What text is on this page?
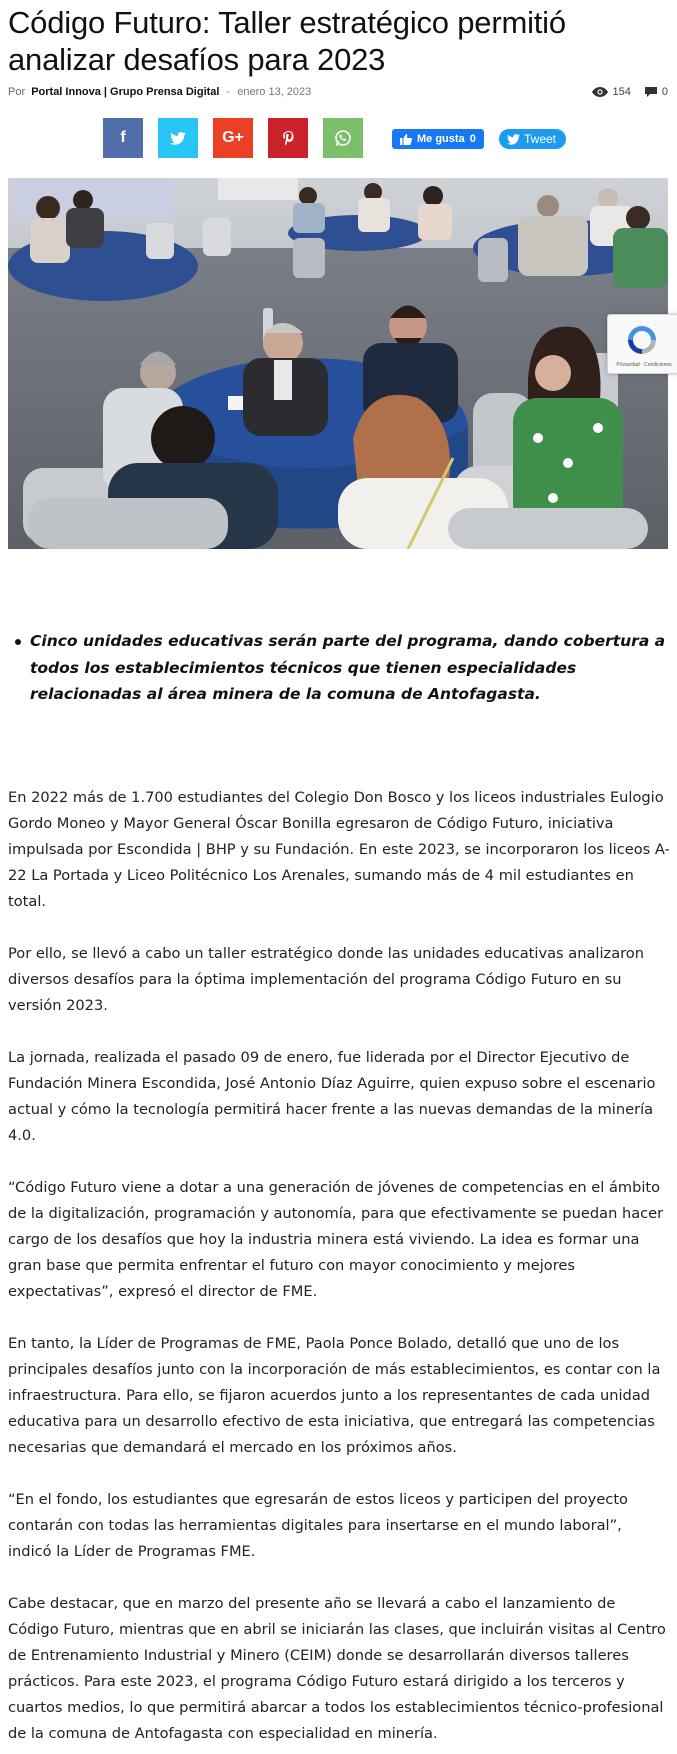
Código Futuro: Taller estratégico permitió analizar desafíos para 2023
Por Portal Innova | Grupo Prensa Digital - enero 13, 2023	154	0
f	G+	Me gusta 0	Tweet
Privacidad - Condiciones
Cinco unidades educativas serán parte del programa, dando cobertura a todos los establecimientos técnicos que tienen especialidades relacionadas al área minera de la comuna de Antofagasta.

En 2022 más de 1.700 estudiantes del Colegio Don Bosco y los liceos industriales Eulogio Gordo Moneo y Mayor General Óscar Bonilla egresaron de Código Futuro, iniciativa impulsada por Escondida | BHP y su Fundación. En este 2023, se incorporaron los liceos A-22 La Portada y Liceo Politécnico Los Arenales, sumando más de 4 mil estudiantes en total.

Por ello, se llevó a cabo un taller estratégico donde las unidades educativas analizaron diversos desafíos para la óptima implementación del programa Código Futuro en su versión 2023.

La jornada, realizada el pasado 09 de enero, fue liderada por el Director Ejecutivo de Fundación Minera Escondida, José Antonio Díaz Aguirre, quien expuso sobre el escenario actual y cómo la tecnología permitirá hacer frente a las nuevas demandas de la minería 4.0.

“Código Futuro viene a dotar a una generación de jóvenes de competencias en el ámbito de la digitalización, programación y autonomía, para que efectivamente se puedan hacer cargo de los desafíos que hoy la industria minera está viviendo. La idea es formar una gran base que permita enfrentar el futuro con mayor conocimiento y mejores expectativas”, expresó el director de FME.

En tanto, la Líder de Programas de FME, Paola Ponce Bolado, detalló que uno de los principales desafíos junto con la incorporación de más establecimientos, es contar con la infraestructura. Para ello, se fijaron acuerdos junto a los representantes de cada unidad educativa para un desarrollo efectivo de esta iniciativa, que entregará las competencias necesarias que demandará el mercado en los próximos años.

“En el fondo, los estudiantes que egresarán de estos liceos y participen del proyecto contarán con todas las herramientas digitales para insertarse en el mundo laboral”, indicó la Líder de Programas FME.

Cabe destacar, que en marzo del presente año se llevará a cabo el lanzamiento de Código Futuro, mientras que en abril se iniciarán las clases, que incluirán visitas al Centro de Entrenamiento Industrial y Minero (CEIM) donde se desarrollarán diversos talleres prácticos. Para este 2023, el programa Código Futuro estará dirigido a los terceros y cuartos medios, lo que permitirá abarcar a todos los establecimientos técnico-profesional de la comuna de Antofagasta con especialidad en minería.
